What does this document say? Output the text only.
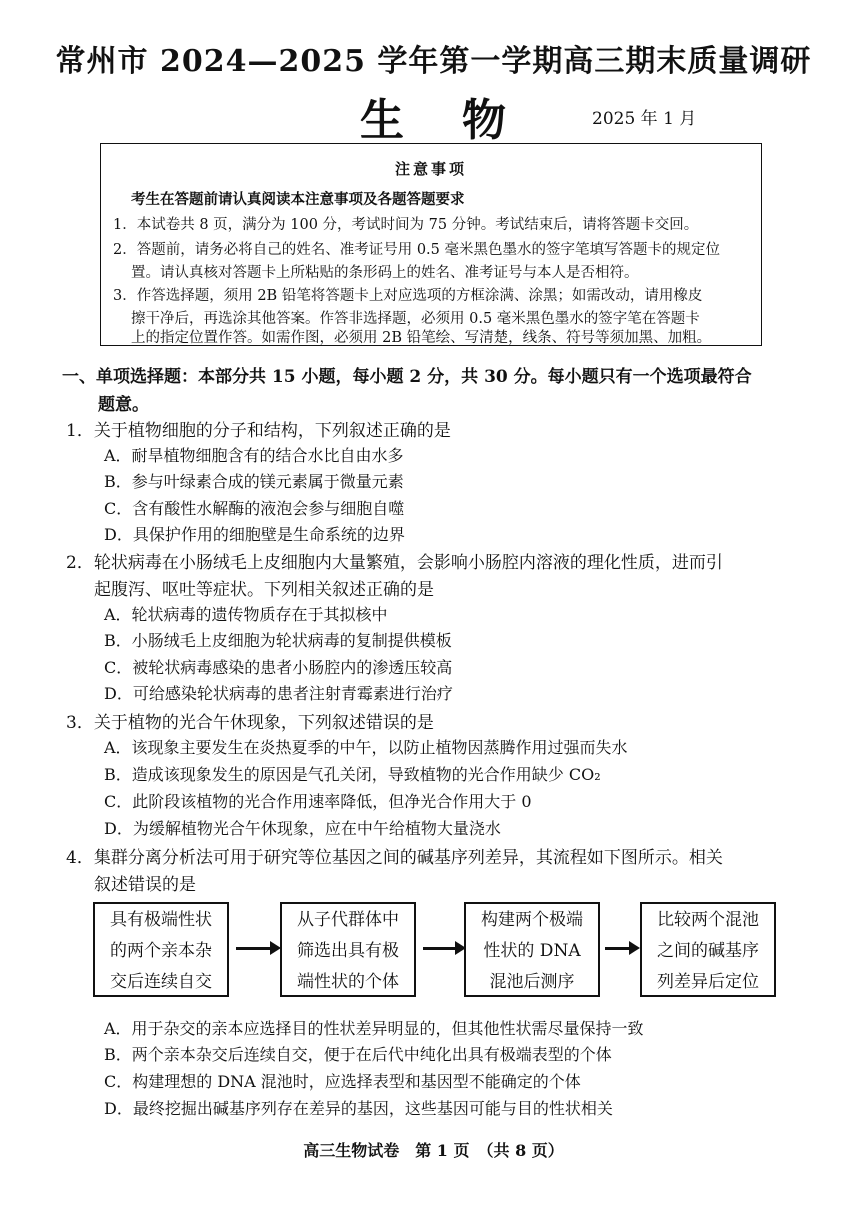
常州市 2024—2025 学年第一学期高三期末质量调研
生物 2025 年 1 月
注意事项
考生在答题前请认真阅读本注意事项及各题答题要求
1．本试卷共 8 页，满分为 100 分，考试时间为 75 分钟。考试结束后，请将答题卡交回。
2．答题前，请务必将自己的姓名、准考证号用 0.5 毫米黑色墨水的签字笔填写答题卡的规定位
置。请认真核对答题卡上所粘贴的条形码上的姓名、准考证号与本人是否相符。
3．作答选择题，须用 2B 铅笔将答题卡上对应选项的方框涂满、涂黑；如需改动，请用橡皮
擦干净后，再选涂其他答案。作答非选择题，必须用 0.5 毫米黑色墨水的签字笔在答题卡
上的指定位置作答。如需作图，必须用 2B 铅笔绘、写清楚，线条、符号等须加黑、加粗。
一、单项选择题：本部分共 15 小题，每小题 2 分，共 30 分。每小题只有一个选项最符合
题意。
1．关于植物细胞的分子和结构，下列叙述正确的是
A．耐旱植物细胞含有的结合水比自由水多
B．参与叶绿素合成的镁元素属于微量元素
C．含有酸性水解酶的液泡会参与细胞自噬
D．具保护作用的细胞壁是生命系统的边界
2．轮状病毒在小肠绒毛上皮细胞内大量繁殖，会影响小肠腔内溶液的理化性质，进而引
起腹泻、呕吐等症状。下列相关叙述正确的是
A．轮状病毒的遗传物质存在于其拟核中
B．小肠绒毛上皮细胞为轮状病毒的复制提供模板
C．被轮状病毒感染的患者小肠腔内的渗透压较高
D．可给感染轮状病毒的患者注射青霉素进行治疗
3．关于植物的光合午休现象，下列叙述错误的是
A．该现象主要发生在炎热夏季的中午，以防止植物因蒸腾作用过强而失水
B．造成该现象发生的原因是气孔关闭，导致植物的光合作用缺少 CO₂
C．此阶段该植物的光合作用速率降低，但净光合作用大于 0
D．为缓解植物光合午休现象，应在中午给植物大量浇水
4．集群分离分析法可用于研究等位基因之间的碱基序列差异，其流程如下图所示。相关
叙述错误的是
具有极端性状
的两个亲本杂
交后连续自交
从子代群体中
筛选出具有极
端性状的个体
构建两个极端
性状的 DNA
混池后测序
比较两个混池
之间的碱基序
列差异后定位
A．用于杂交的亲本应选择目的性状差异明显的，但其他性状需尽量保持一致
B．两个亲本杂交后连续自交，便于在后代中纯化出具有极端表型的个体
C．构建理想的 DNA 混池时，应选择表型和基因型不能确定的个体
D．最终挖掘出碱基序列存在差异的基因，这些基因可能与目的性状相关
高三生物试卷　第 1 页　（共 8 页）
